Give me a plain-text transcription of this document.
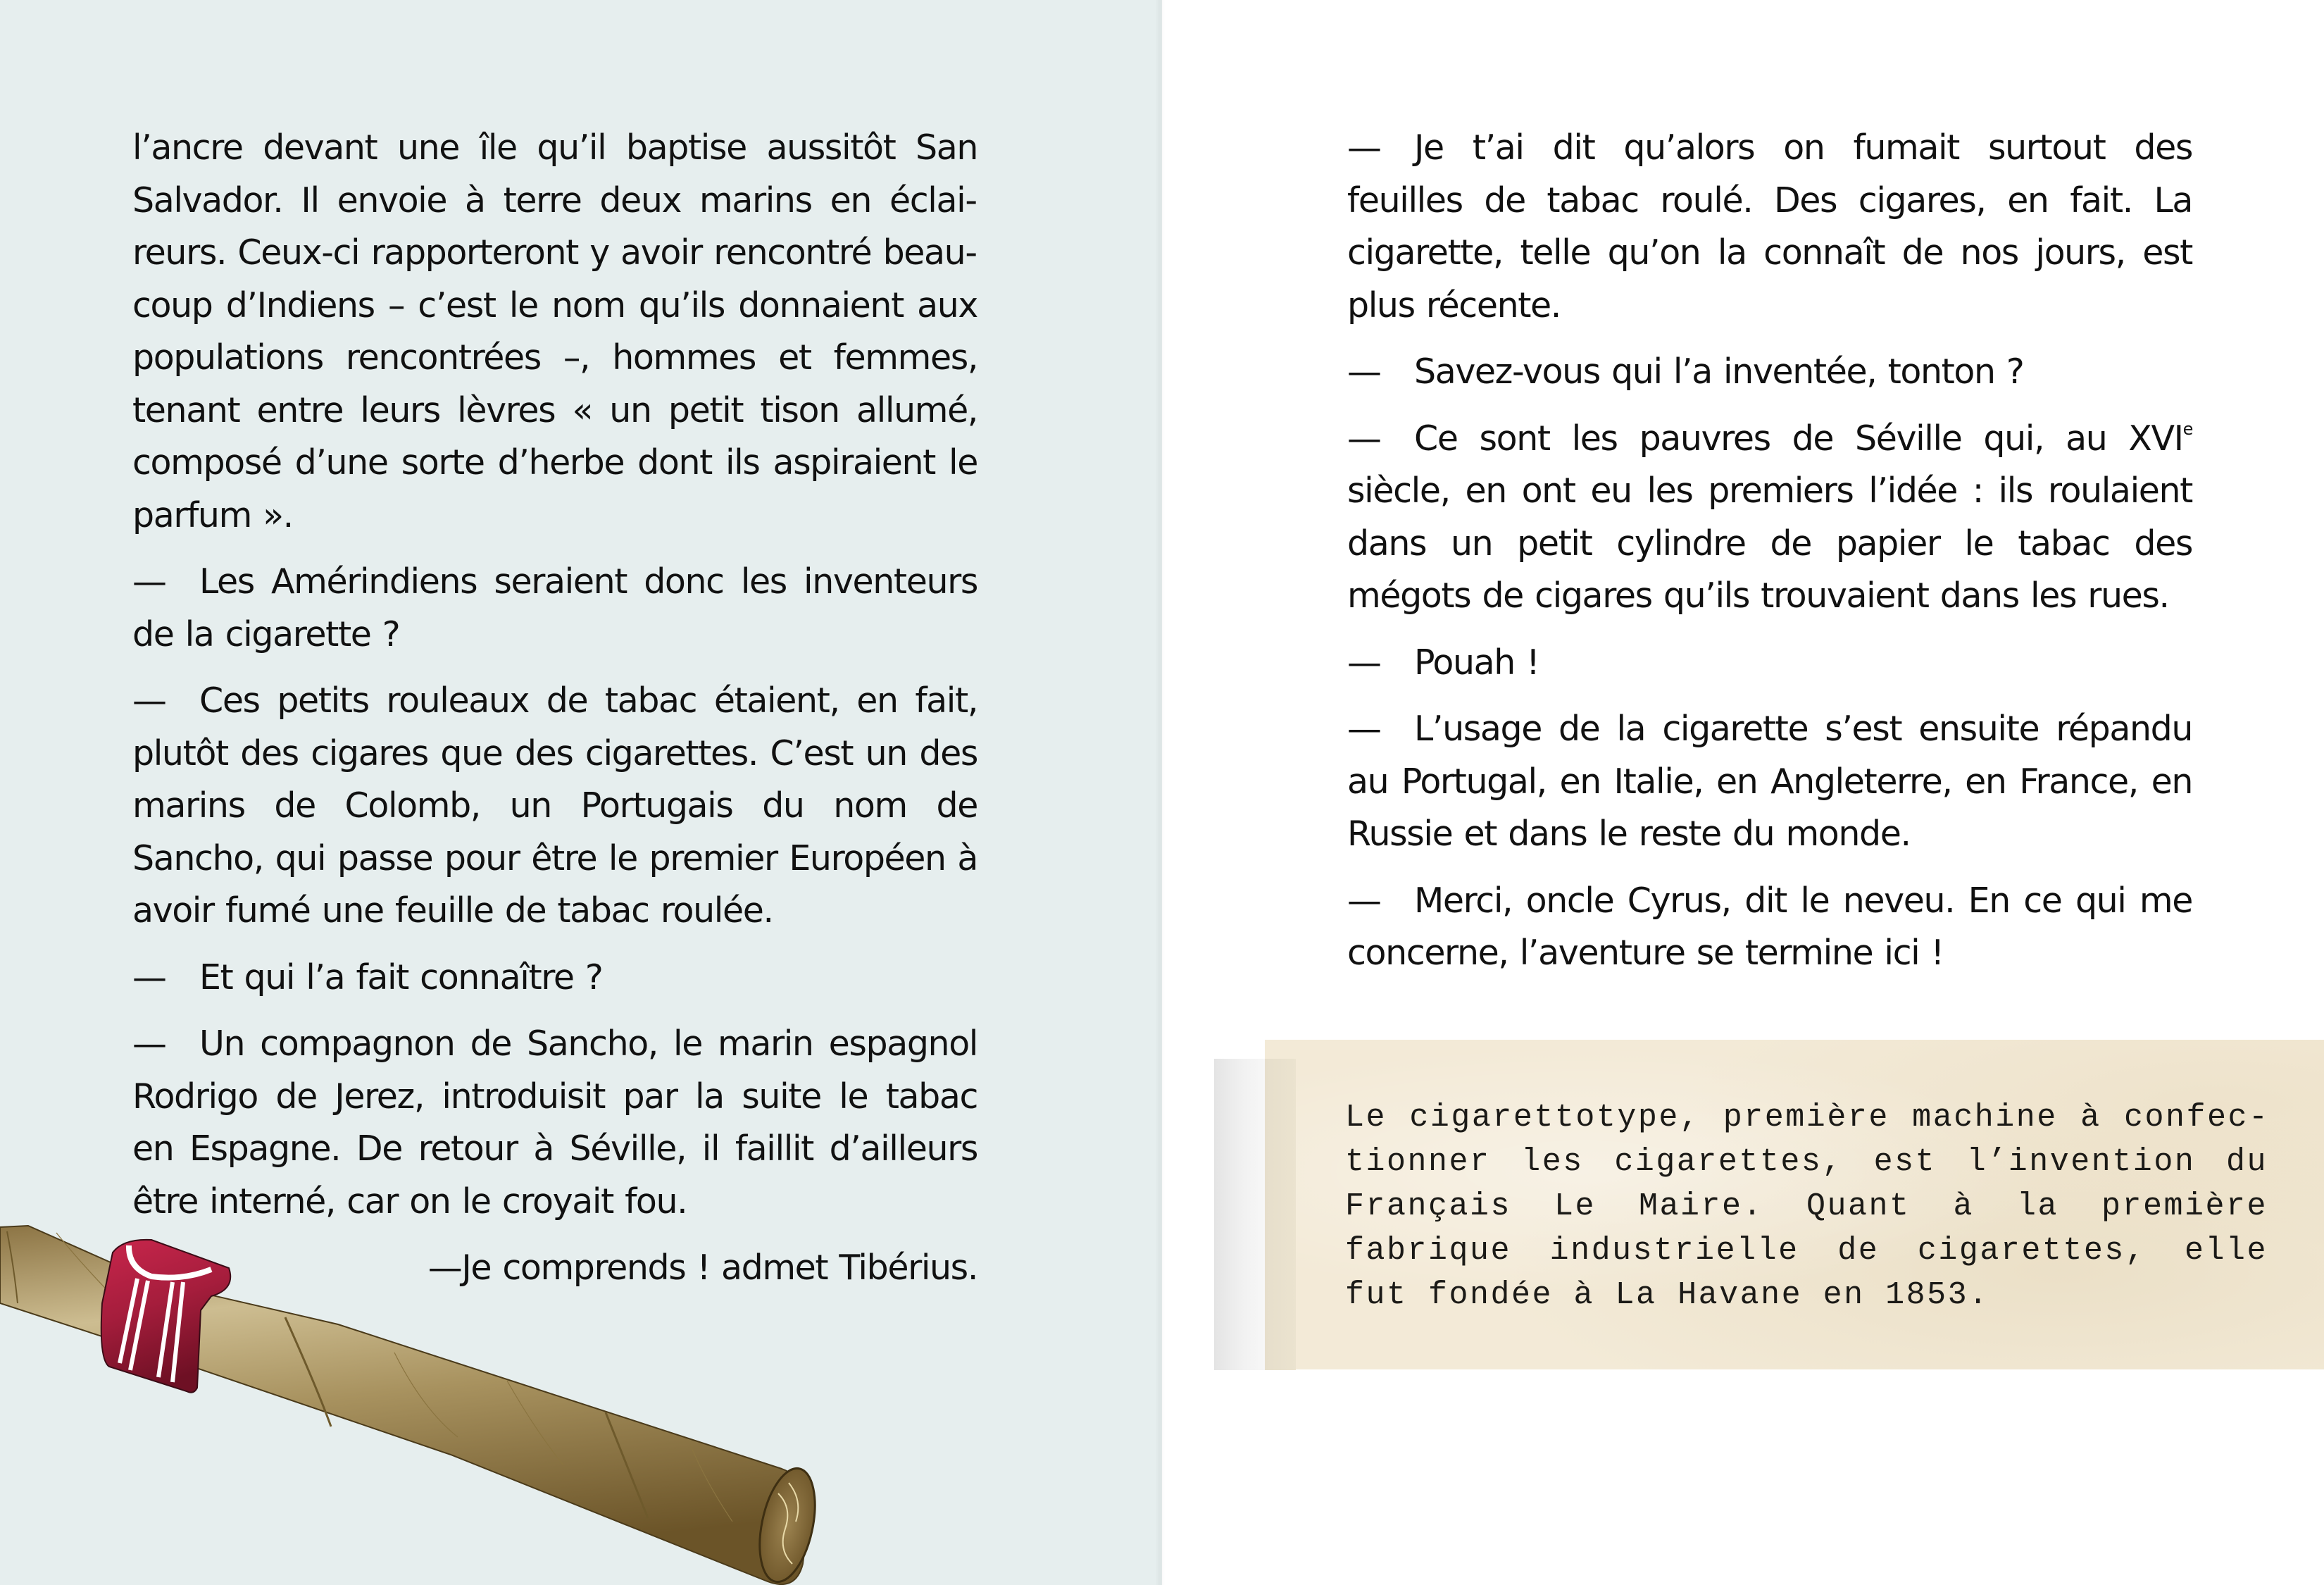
l’ancre devant une île qu’il baptise aussitôt San Salvador. Il envoie à terre deux marins en éclaireurs. Ceux-ci rapporteront y avoir rencontré beaucoup d’Indiens – c’est le nom qu’ils donnaient aux populations rencontrées –, hommes et femmes, tenant entre leurs lèvres « un petit tison allumé, composé d’une sorte d’herbe dont ils aspiraient le parfum ».

— Les Amérindiens seraient donc les inventeurs de la cigarette ?

— Ces petits rouleaux de tabac étaient, en fait, plutôt des cigares que des cigarettes. C’est un des marins de Colomb, un Portugais du nom de Sancho, qui passe pour être le premier Européen à avoir fumé une feuille de tabac roulée.

— Et qui l’a fait connaître ?

— Un compagnon de Sancho, le marin espagnol Rodrigo de Jerez, introduisit par la suite le tabac en Espagne. De retour à Séville, il faillit d’ailleurs être interné, car on le croyait fou.

—Je comprends ! admet Tibérius.

— Je t’ai dit qu’alors on fumait surtout des feuilles de tabac roulé. Des cigares, en fait. La cigarette, telle qu’on la connaît de nos jours, est plus récente.

— Savez-vous qui l’a inventée, tonton ?

— Ce sont les pauvres de Séville qui, au XVIe siècle, en ont eu les premiers l’idée : ils roulaient dans un petit cylindre de papier le tabac des mégots de cigares qu’ils trouvaient dans les rues.

— Pouah !

— L’usage de la cigarette s’est ensuite répandu au Portugal, en Italie, en Angleterre, en France, en Russie et dans le reste du monde.

— Merci, oncle Cyrus, dit le neveu. En ce qui me concerne, l’aventure se termine ici !

Le cigarettotype, première machine à confectionner les cigarettes, est l’invention du Français Le Maire. Quant à la première fabrique industrielle de cigarettes, elle fut fondée à La Havane en 1853.
